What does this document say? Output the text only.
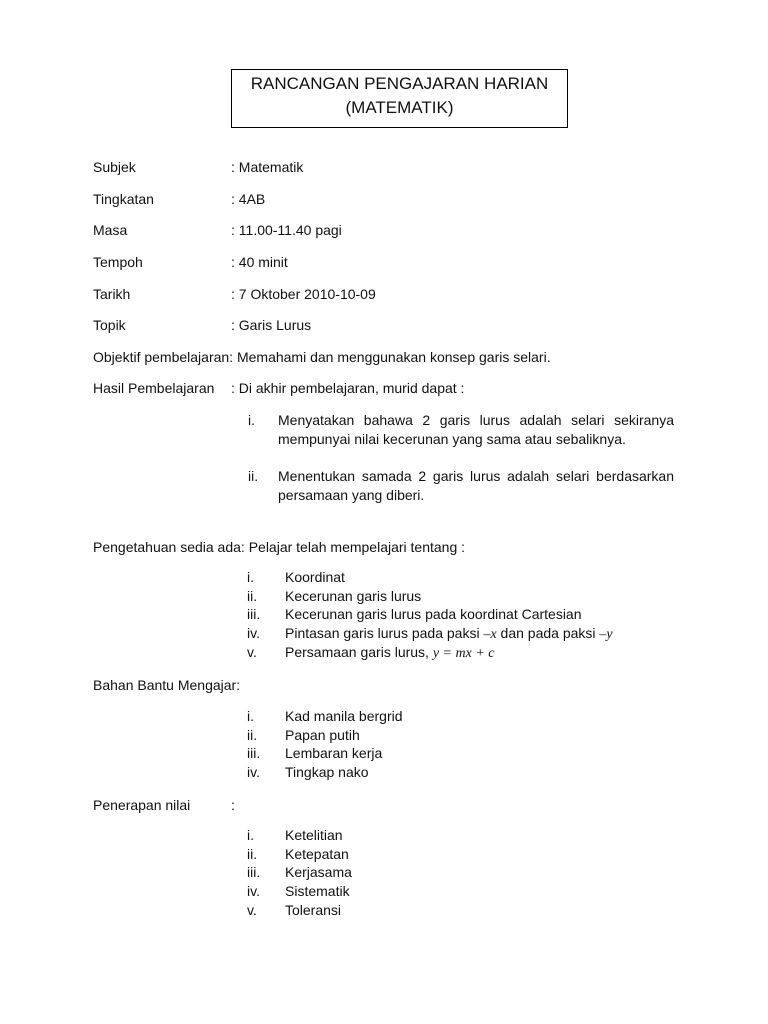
RANCANGAN PENGAJARAN HARIAN
(MATEMATIK)
Subjek	: Matematik
Tingkatan	: 4AB
Masa	: 11.00-11.40 pagi
Tempoh	: 40 minit
Tarikh	: 7 Oktober 2010-10-09
Topik	: Garis Lurus
Objektif pembelajaran: Memahami dan menggunakan konsep garis selari.
Hasil Pembelajaran : Di akhir pembelajaran, murid dapat :
i. Menyatakan bahawa 2 garis lurus adalah selari sekiranya mempunyai nilai kecerunan yang sama atau sebaliknya.
ii. Menentukan samada 2 garis lurus adalah selari berdasarkan persamaan yang diberi.
Pengetahuan sedia ada: Pelajar telah mempelajari tentang :
i. Koordinat
ii. Kecerunan garis lurus
iii. Kecerunan garis lurus pada koordinat Cartesian
iv. Pintasan garis lurus pada paksi –x dan pada paksi –y
v. Persamaan garis lurus, y = mx + c
Bahan Bantu Mengajar:
i. Kad manila bergrid
ii. Papan putih
iii. Lembaran kerja
iv. Tingkap nako
Penerapan nilai	:
i. Ketelitian
ii. Ketepatan
iii. Kerjasama
iv. Sistematik
v. Toleransi
